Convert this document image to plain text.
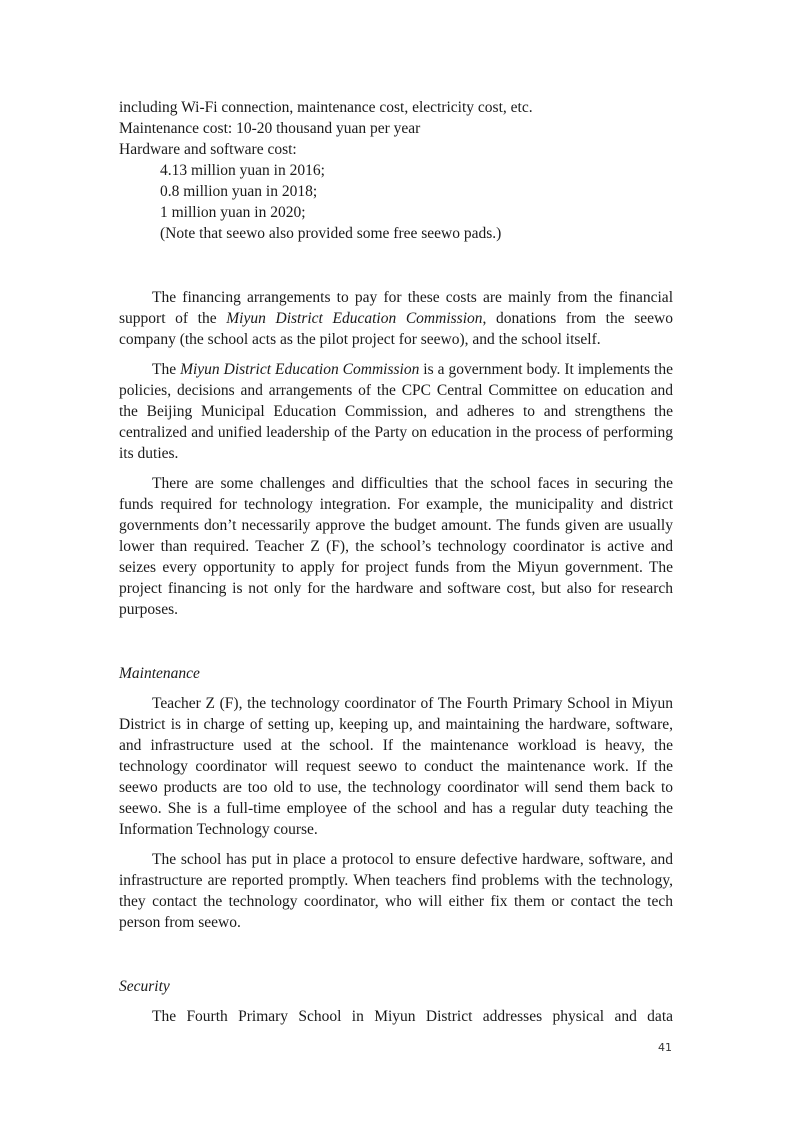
including Wi-Fi connection, maintenance cost, electricity cost, etc.
Maintenance cost: 10-20 thousand yuan per year
Hardware and software cost:
4.13 million yuan in 2016;
0.8 million yuan in 2018;
1 million yuan in 2020;
(Note that seewo also provided some free seewo pads.)

The financing arrangements to pay for these costs are mainly from the financial support of the Miyun District Education Commission, donations from the seewo company (the school acts as the pilot project for seewo), and the school itself.

The Miyun District Education Commission is a government body. It implements the policies, decisions and arrangements of the CPC Central Committee on education and the Beijing Municipal Education Commission, and adheres to and strengthens the centralized and unified leadership of the Party on education in the process of performing its duties.

There are some challenges and difficulties that the school faces in securing the funds required for technology integration. For example, the municipality and district governments don’t necessarily approve the budget amount. The funds given are usually lower than required. Teacher Z (F), the school’s technology coordinator is active and seizes every opportunity to apply for project funds from the Miyun government. The project financing is not only for the hardware and software cost, but also for research purposes.

Maintenance

Teacher Z (F), the technology coordinator of The Fourth Primary School in Miyun District is in charge of setting up, keeping up, and maintaining the hardware, software, and infrastructure used at the school. If the maintenance workload is heavy, the technology coordinator will request seewo to conduct the maintenance work. If the seewo products are too old to use, the technology coordinator will send them back to seewo. She is a full-time employee of the school and has a regular duty teaching the Information Technology course.

The school has put in place a protocol to ensure defective hardware, software, and infrastructure are reported promptly. When teachers find problems with the technology, they contact the technology coordinator, who will either fix them or contact the tech person from seewo.

Security

The Fourth Primary School in Miyun District addresses physical and data

41
